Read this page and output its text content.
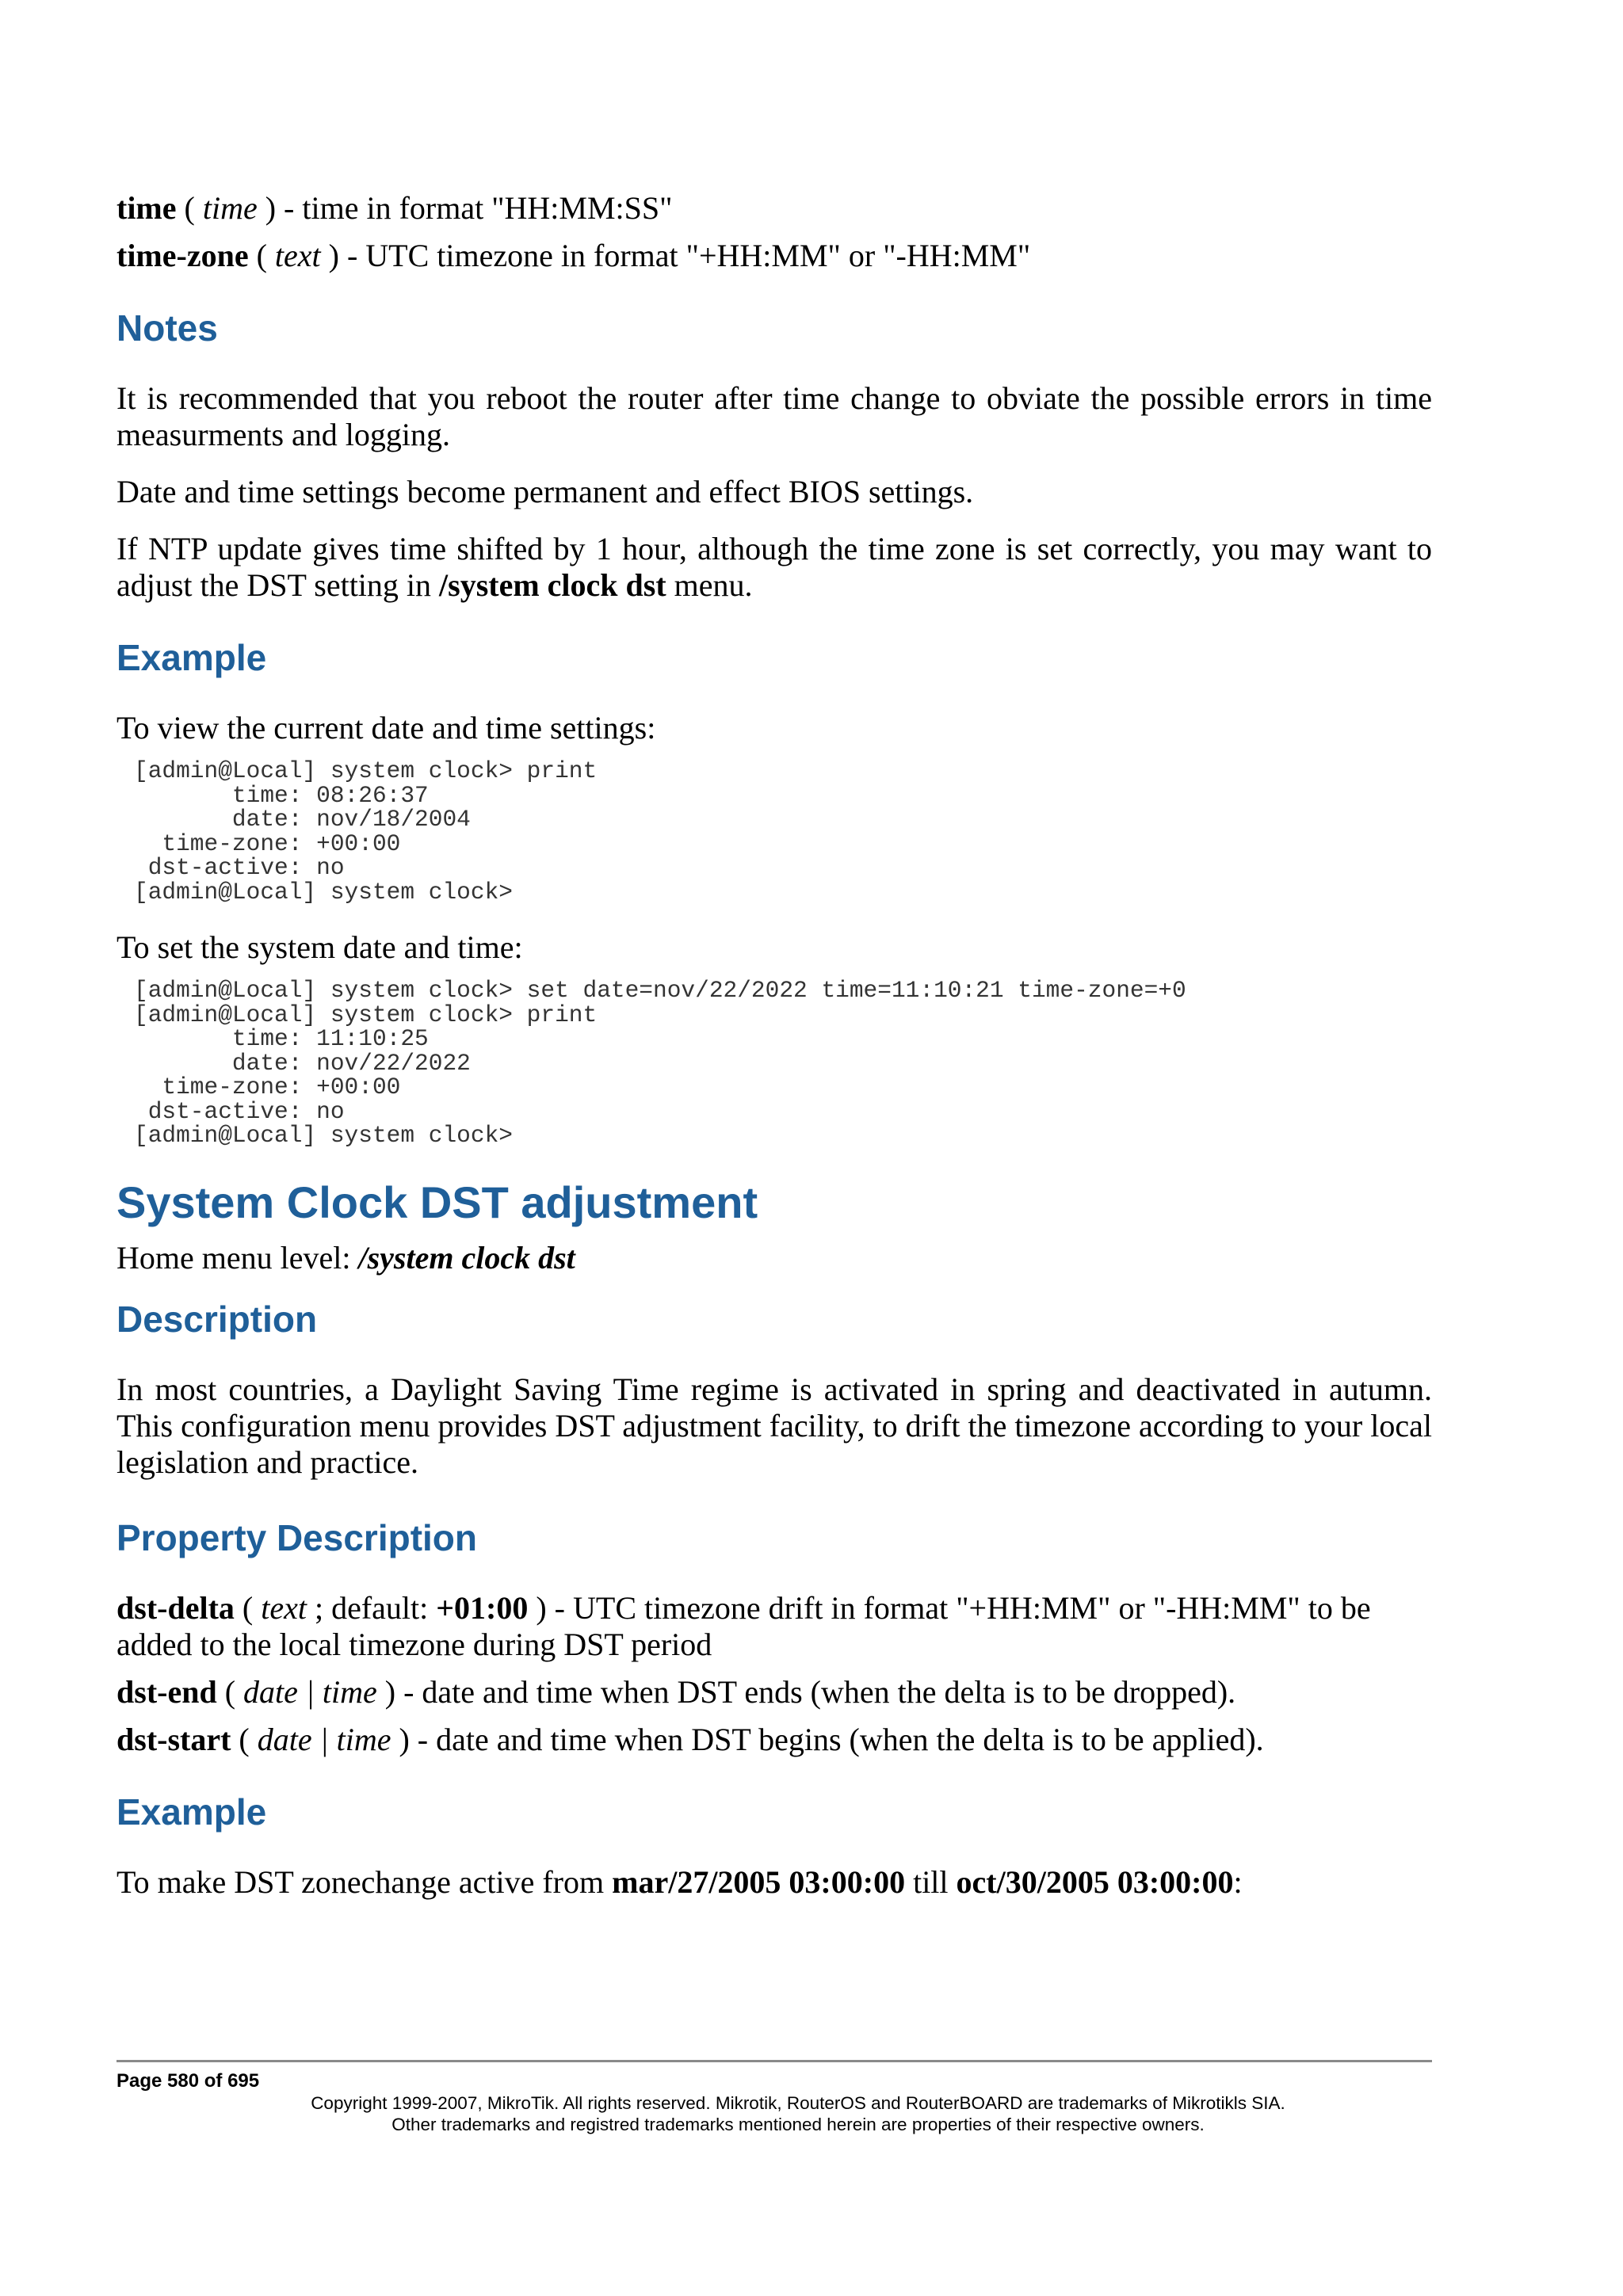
time ( time ) - time in format "HH:MM:SS"

time-zone ( text ) - UTC timezone in format "+HH:MM" or "-HH:MM"

Notes

It is recommended that you reboot the router after time change to obviate the possible errors in time measurments and logging.

Date and time settings become permanent and effect BIOS settings.

If NTP update gives time shifted by 1 hour, although the time zone is set correctly, you may want to adjust the DST setting in /system clock dst menu.

Example

To view the current date and time settings:

[admin@Local] system clock> print
time: 08:26:37
date: nov/18/2004
time-zone: +00:00
dst-active: no
[admin@Local] system clock>

To set the system date and time:

[admin@Local] system clock> set date=nov/22/2022 time=11:10:21 time-zone=+0
[admin@Local] system clock> print
time: 11:10:25
date: nov/22/2022
time-zone: +00:00
dst-active: no
[admin@Local] system clock>
System Clock DST adjustment

Home menu level: /system clock dst

Description

In most countries, a Daylight Saving Time regime is activated in spring and deactivated in autumn. This configuration menu provides DST adjustment facility, to drift the timezone according to your local legislation and practice.

Property Description

dst-delta ( text ; default: +01:00 ) - UTC timezone drift in format "+HH:MM" or "-HH:MM" to be added to the local timezone during DST period

dst-end ( date | time ) - date and time when DST ends (when the delta is to be dropped).

dst-start ( date | time ) - date and time when DST begins (when the delta is to be applied).

Example

To make DST zonechange active from mar/27/2005 03:00:00 till oct/30/2005 03:00:00:

Page 580 of 695
Copyright 1999-2007, MikroTik. All rights reserved. Mikrotik, RouterOS and RouterBOARD are trademarks of Mikrotikls SIA.
Other trademarks and registred trademarks mentioned herein are properties of their respective owners.
